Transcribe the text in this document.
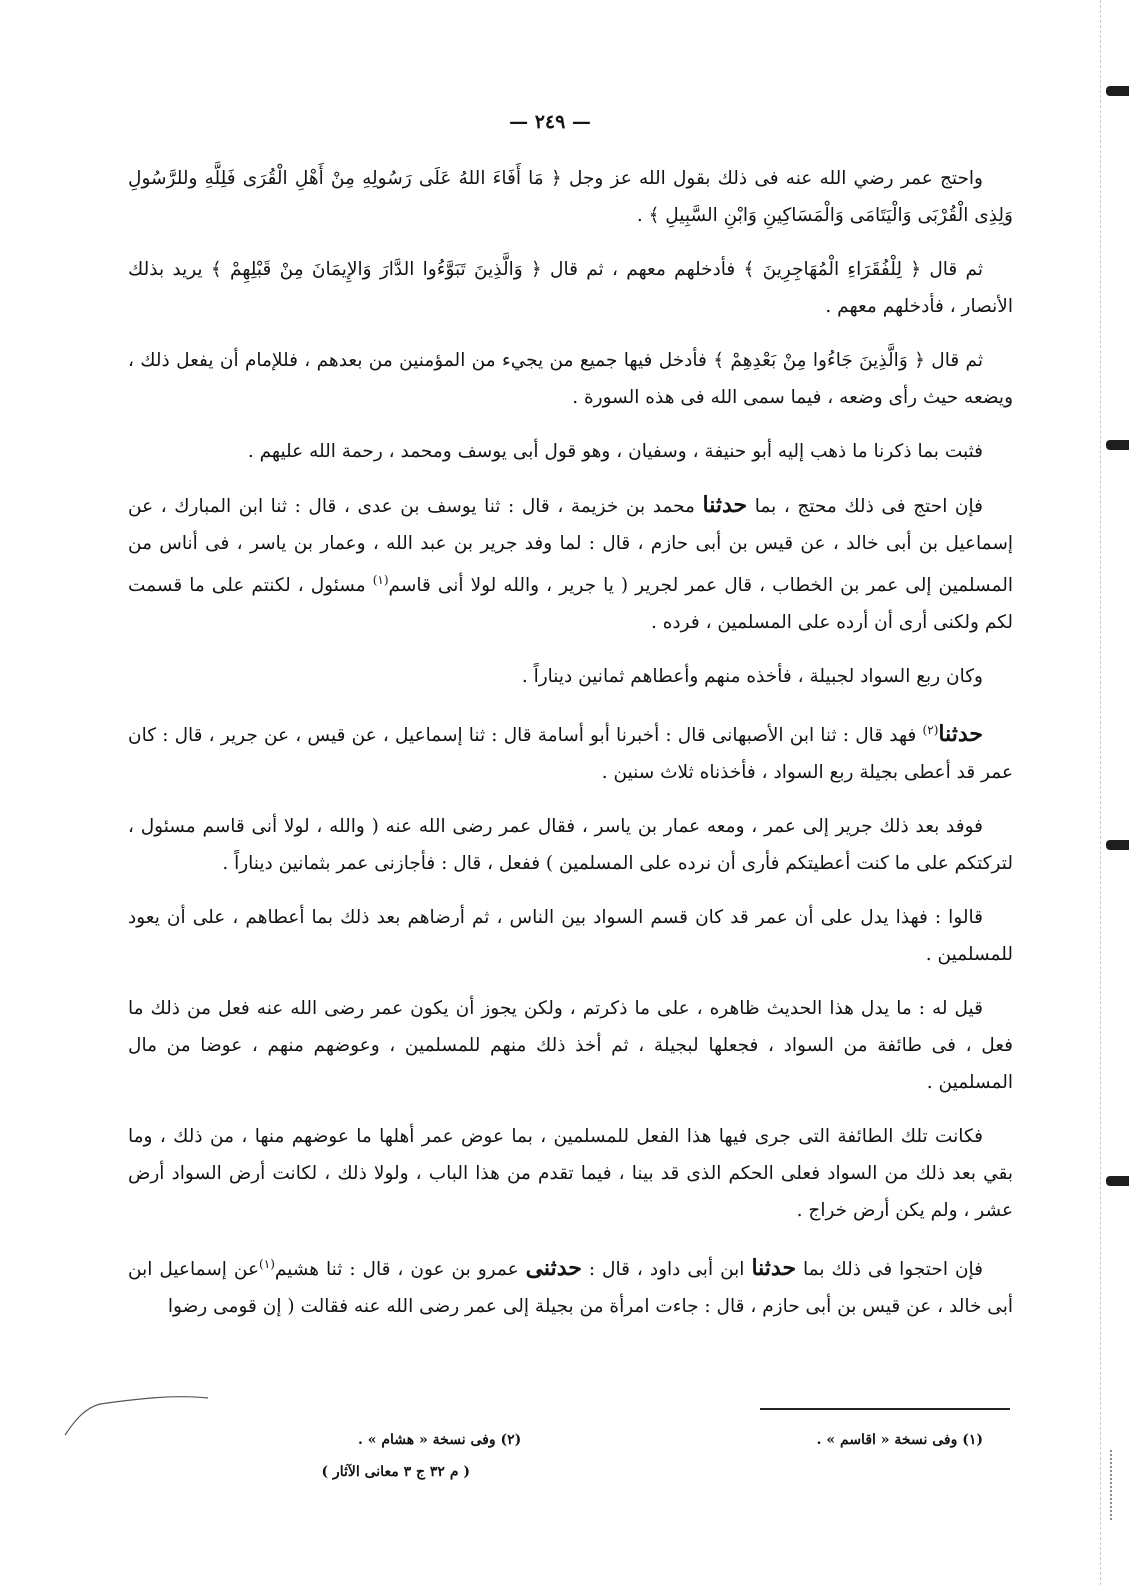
— ٢٤٩ —

واحتج عمر رضي الله عنه فى ذلك بقول الله عز وجل ﴿ مَا أَفَاءَ اللهُ عَلَى رَسُولِهِ مِنْ أَهْلِ الْقُرَى فَلِلَّهِ وللرَّسُولِ وَلِذِى الْقُرْبَى وَالْيَتَامَى وَالْمَسَاكِينِ وَابْنِ السَّبِيلِ ﴾ .

ثم قال ﴿ لِلْفُقَرَاءِ الْمُهَاجِرِينَ ﴾ فأدخلهم معهم ، ثم قال ﴿ وَالَّذِينَ تَبَوَّءُوا الدَّارَ وَالإِيمَانَ مِنْ قَبْلِهِمْ ﴾ يريد بذلك الأنصار ، فأدخلهم معهم .

ثم قال ﴿ وَالَّذِينَ جَاءُوا مِنْ بَعْدِهِمْ ﴾ فأدخل فيها جميع من يجيء من المؤمنين من بعدهم ، فللإمام أن يفعل ذلك ، ويضعه حيث رأى وضعه ، فيما سمى الله فى هذه السورة .

فثبت بما ذكرنا ما ذهب إليه أبو حنيفة ، وسفيان ، وهو قول أبى يوسف ومحمد ، رحمة الله عليهم .

فإن احتج فى ذلك محتج ، بما حدثنا محمد بن خزيمة ، قال : ثنا يوسف بن عدى ، قال : ثنا ابن المبارك ، عن إسماعيل بن أبى خالد ، عن قيس بن أبى حازم ، قال : لما وفد جرير بن عبد الله ، وعمار بن ياسر ، فى أناس من المسلمين إلى عمر بن الخطاب ، قال عمر لجرير ( يا جرير ، والله لولا أنى قاسم$^{(١)}$ مسئول ، لكنتم على ما قسمت لكم ولكنى أرى أن أرده على المسلمين ، فرده .

وكان ربع السواد لجبيلة ، فأخذه منهم وأعطاهم ثمانين ديناراً .

حدثنا$^{(٢)}$ فهد قال : ثنا ابن الأصبهانى قال : أخبرنا أبو أسامة قال : ثنا إسماعيل ، عن قيس ، عن جرير ، قال : كان عمر قد أعطى بجيلة ربع السواد ، فأخذناه ثلاث سنين .

فوفد بعد ذلك جرير إلى عمر ، ومعه عمار بن ياسر ، فقال عمر رضى الله عنه ( والله ، لولا أنى قاسم مسئول ، لتركتكم على ما كنت أعطيتكم فأرى أن نرده على المسلمين ) ففعل ، قال : فأجازنى عمر بثمانين ديناراً .

قالوا : فهذا يدل على أن عمر قد كان قسم السواد بين الناس ، ثم أرضاهم بعد ذلك بما أعطاهم ، على أن يعود للمسلمين .

قيل له : ما يدل هذا الحديث ظاهره ، على ما ذكرتم ، ولكن يجوز أن يكون عمر رضى الله عنه فعل من ذلك ما فعل ، فى طائفة من السواد ، فجعلها لبجيلة ، ثم أخذ ذلك منهم للمسلمين ، وعوضهم منهم ، عوضا من مال المسلمين .

فكانت تلك الطائفة التى جرى فيها هذا الفعل للمسلمين ، بما عوض عمر أهلها ما عوضهم منها ، من ذلك ، وما بقي بعد ذلك من السواد فعلى الحكم الذى قد بينا ، فيما تقدم من هذا الباب ، ولولا ذلك ، لكانت أرض السواد أرض عشر ، ولم يكن أرض خراج .

فإن احتجوا فى ذلك بما حدثنا ابن أبى داود ، قال : حدثنى عمرو بن عون ، قال : ثنا هشيم$^{(١)}$عن إسماعيل ابن أبى خالد ، عن قيس بن أبى حازم ، قال : جاءت امرأة من بجيلة إلى عمر رضى الله عنه فقالت ( إن قومى رضوا

(١) وفى نسخة « اقاسم » .
(٢) وفى نسخة « هشام » .
( م ٣٢ ج ٣ معانى الآثار )
